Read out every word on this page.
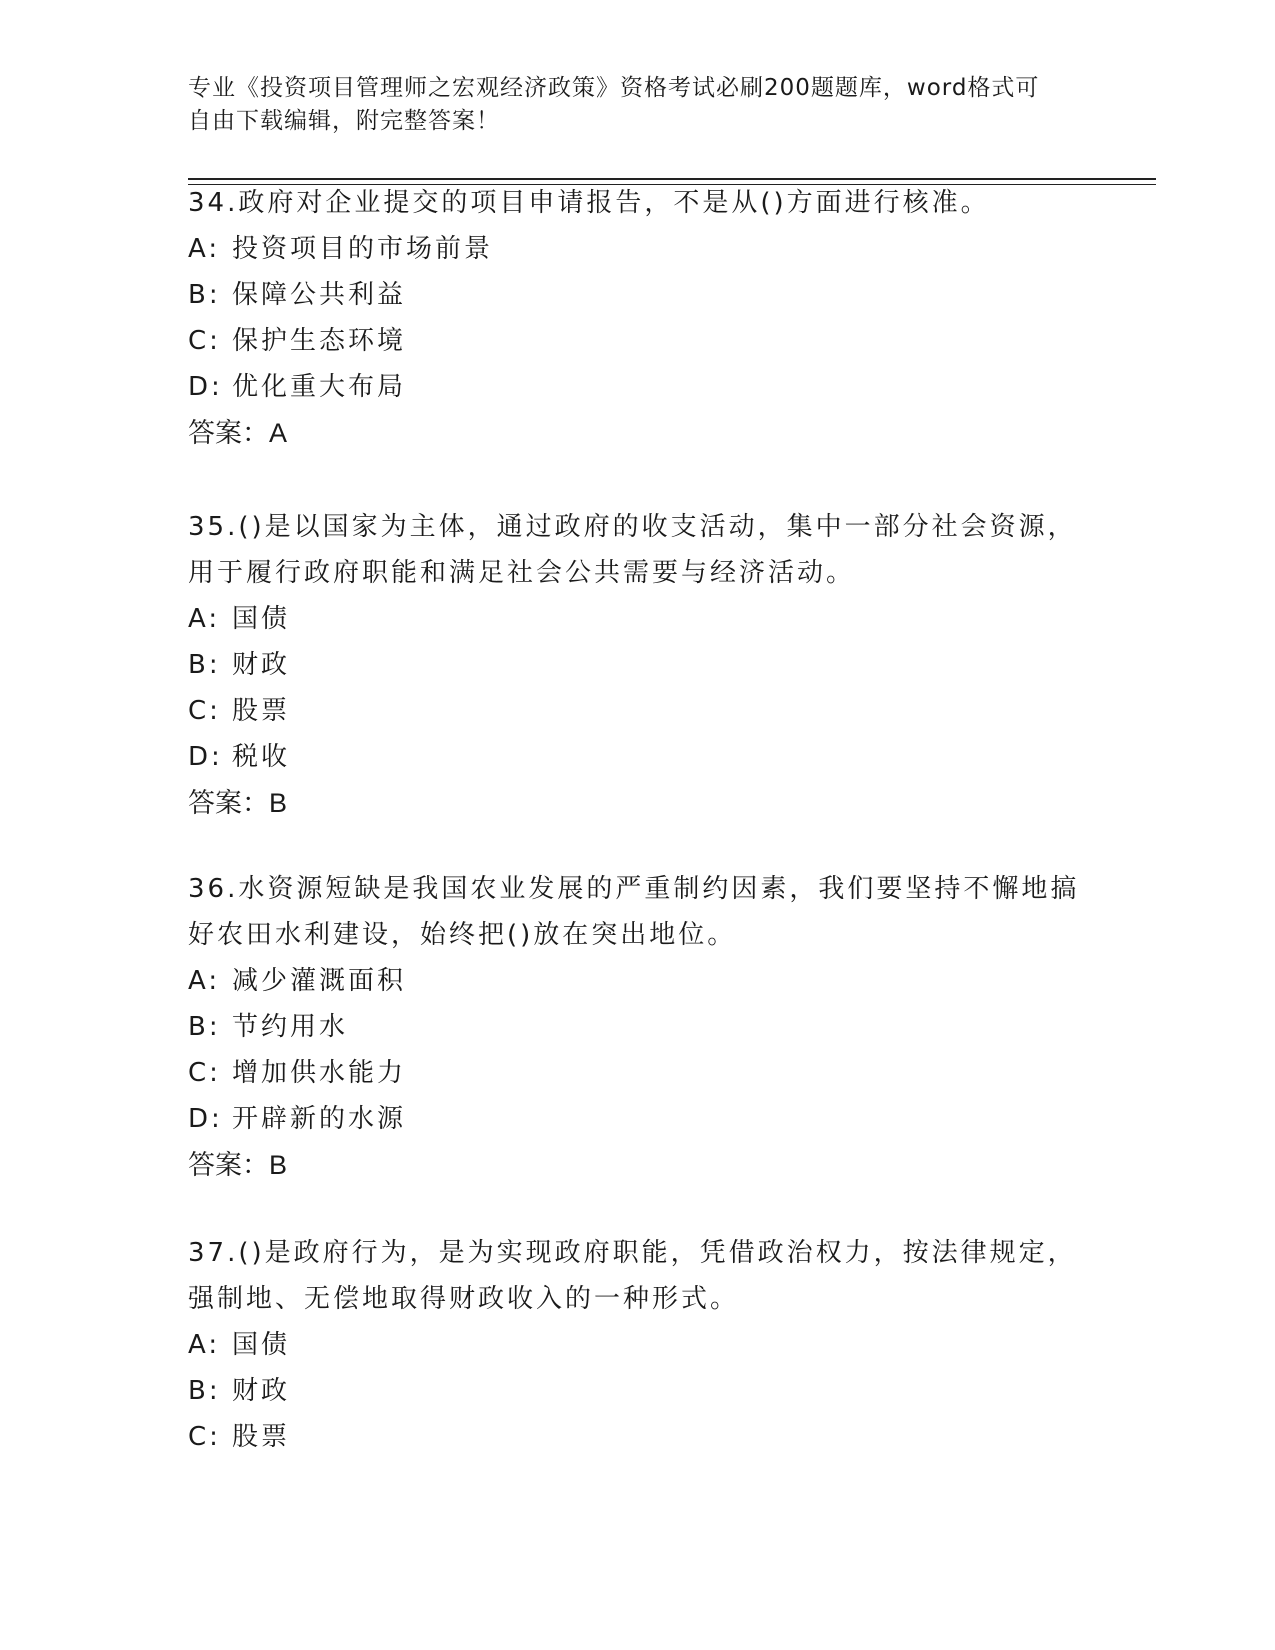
专业《投资项目管理师之宏观经济政策》资格考试必刷200题题库，word格式可
自由下载编辑，附完整答案！

34.政府对企业提交的项目申请报告，不是从()方面进行核准。

A: 投资项目的市场前景

B: 保障公共利益

C: 保护生态环境

D: 优化重大布局

答案：A

35.()是以国家为主体，通过政府的收支活动，集中一部分社会资源，

用于履行政府职能和满足社会公共需要与经济活动。

A: 国债

B: 财政

C: 股票

D: 税收

答案：B

36.水资源短缺是我国农业发展的严重制约因素，我们要坚持不懈地搞

好农田水利建设，始终把()放在突出地位。

A: 减少灌溉面积

B: 节约用水

C: 增加供水能力

D: 开辟新的水源

答案：B

37.()是政府行为，是为实现政府职能，凭借政治权力，按法律规定，

强制地、无偿地取得财政收入的一种形式。

A: 国债

B: 财政

C: 股票
